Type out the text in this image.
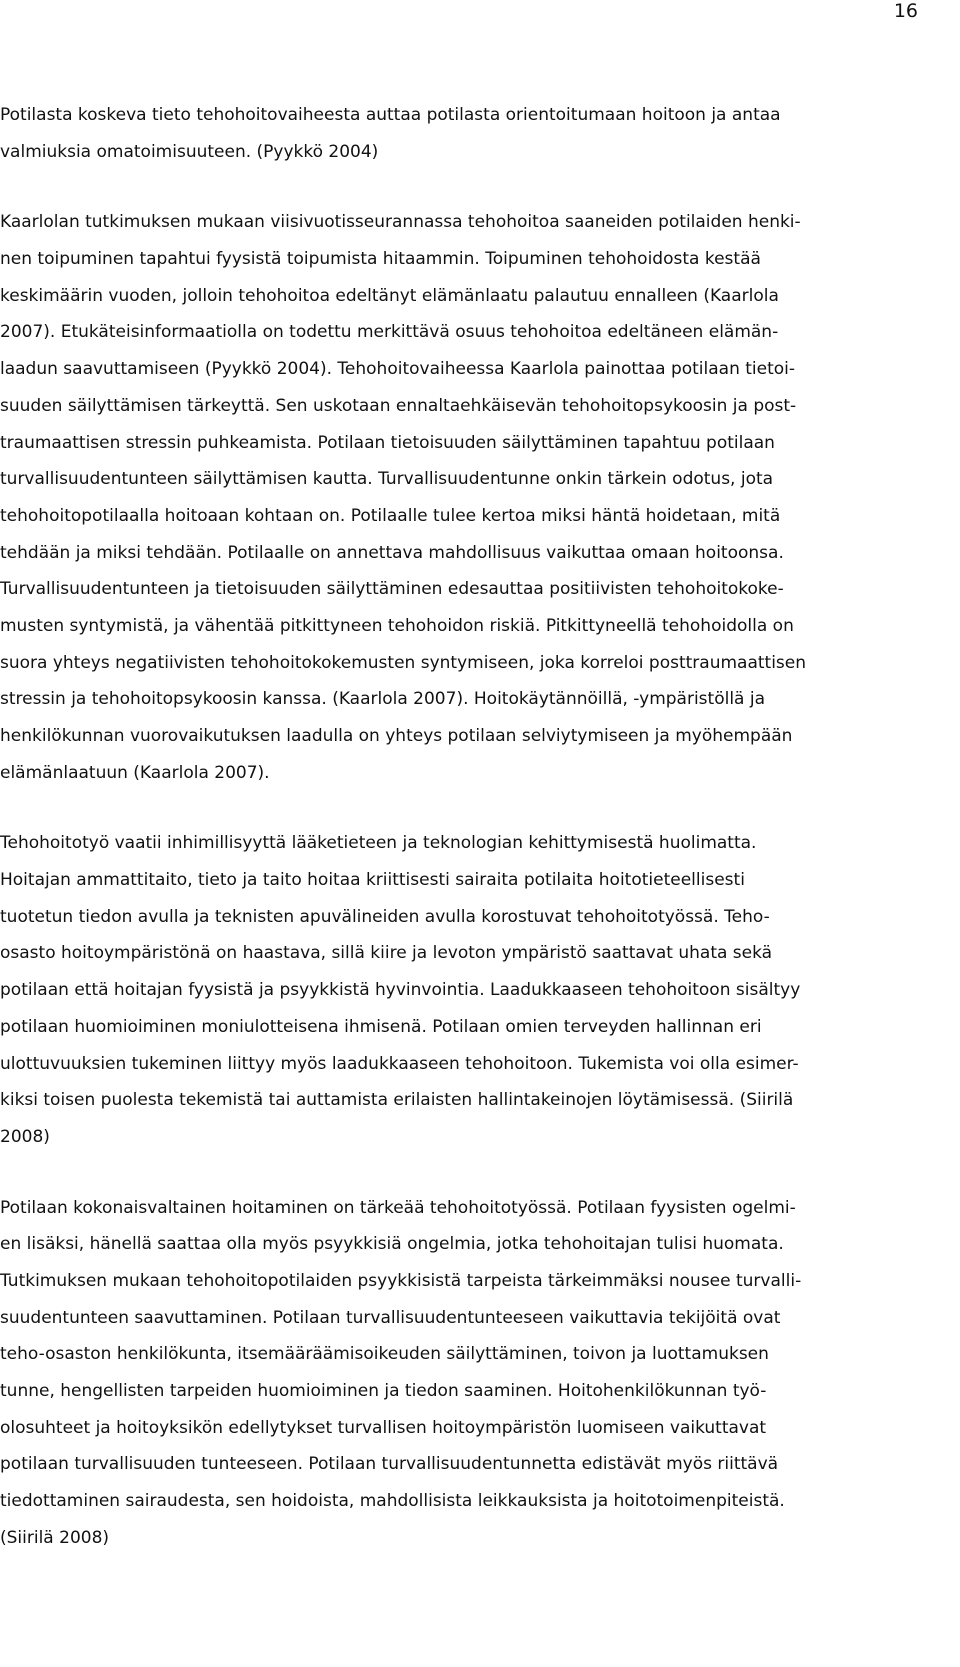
16
Potilasta koskeva tieto tehohoitovaiheesta auttaa potilasta orientoitumaan hoitoon ja antaa
valmiuksia omatoimisuuteen. (Pyykkö 2004)
Kaarlolan tutkimuksen mukaan viisivuotisseurannassa tehohoitoa saaneiden potilaiden henki-
nen toipuminen tapahtui fyysistä toipumista hitaammin. Toipuminen tehohoidosta kestää
keskimäärin vuoden, jolloin tehohoitoa edeltänyt elämänlaatu palautuu ennalleen (Kaarlola
2007). Etukäteisinformaatiolla on todettu merkittävä osuus tehohoitoa edeltäneen elämän-
laadun saavuttamiseen (Pyykkö 2004). Tehohoitovaiheessa Kaarlola painottaa potilaan tietoi-
suuden säilyttämisen tärkeyttä. Sen uskotaan ennaltaehkäisevän tehohoitopsykoosin ja post-
traumaattisen stressin puhkeamista. Potilaan tietoisuuden säilyttäminen tapahtuu potilaan
turvallisuudentunteen säilyttämisen kautta. Turvallisuudentunne onkin tärkein odotus, jota
tehohoitopotilaalla hoitoaan kohtaan on. Potilaalle tulee kertoa miksi häntä hoidetaan, mitä
tehdään ja miksi tehdään. Potilaalle on annettava mahdollisuus vaikuttaa omaan hoitoonsa.
Turvallisuudentunteen ja tietoisuuden säilyttäminen edesauttaa positiivisten tehohoitokoke-
musten syntymistä, ja vähentää pitkittyneen tehohoidon riskiä. Pitkittyneellä tehohoidolla on
suora yhteys negatiivisten tehohoitokokemusten syntymiseen, joka korreloi posttraumaattisen
stressin ja tehohoitopsykoosin kanssa. (Kaarlola 2007). Hoitokäytännöillä, -ympäristöllä ja
henkilökunnan vuorovaikutuksen laadulla on yhteys potilaan selviytymiseen ja myöhempään
elämänlaatuun (Kaarlola 2007).
Tehohoitotyö vaatii inhimillisyyttä lääketieteen ja teknologian kehittymisestä huolimatta.
Hoitajan ammattitaito, tieto ja taito hoitaa kriittisesti sairaita potilaita hoitotieteellisesti
tuotetun tiedon avulla ja teknisten apuvälineiden avulla korostuvat tehohoitotyössä. Teho-
osasto hoitoympäristönä on haastava, sillä kiire ja levoton ympäristö saattavat uhata sekä
potilaan että hoitajan fyysistä ja psyykkistä hyvinvointia. Laadukkaaseen tehohoitoon sisältyy
potilaan huomioiminen moniulotteisena ihmisenä. Potilaan omien terveyden hallinnan eri
ulottuvuuksien tukeminen liittyy myös laadukkaaseen tehohoitoon. Tukemista voi olla esimer-
kiksi toisen puolesta tekemistä tai auttamista erilaisten hallintakeinojen löytämisessä. (Siirilä
2008)
Potilaan kokonaisvaltainen hoitaminen on tärkeää tehohoitotyössä. Potilaan fyysisten ogelmi-
en lisäksi, hänellä saattaa olla myös psyykkisiä ongelmia, jotka tehohoitajan tulisi huomata.
Tutkimuksen mukaan tehohoitopotilaiden psyykkisistä tarpeista tärkeimmäksi nousee turvalli-
suudentunteen saavuttaminen. Potilaan turvallisuudentunteeseen vaikuttavia tekijöitä ovat
teho-osaston henkilökunta, itsemääräämisoikeuden säilyttäminen, toivon ja luottamuksen
tunne, hengellisten tarpeiden huomioiminen ja tiedon saaminen. Hoitohenkilökunnan työ-
olosuhteet ja hoitoyksikön edellytykset turvallisen hoitoympäristön luomiseen vaikuttavat
potilaan turvallisuuden tunteeseen. Potilaan turvallisuudentunnetta edistävät myös riittävä
tiedottaminen sairaudesta, sen hoidoista, mahdollisista leikkauksista ja hoitotoimenpiteistä.
(Siirilä 2008)
